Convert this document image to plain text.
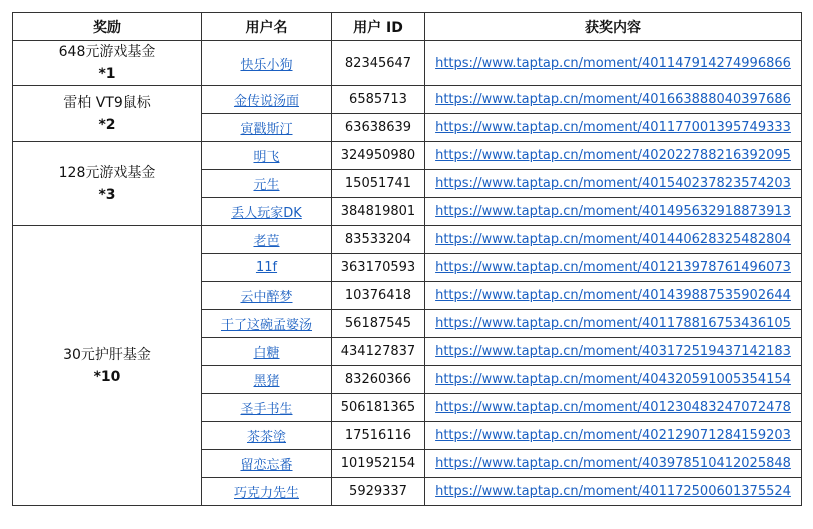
奖励	用户名	用户 ID	获奖内容

648元游戏基金
*1	快乐小狗	82345647	https://www.taptap.cn/moment/401147914274996866

雷柏 VT9鼠标
*2	金传说汤面	6585713	https://www.taptap.cn/moment/401663888040397686
	寅戳斯汀	63638639	https://www.taptap.cn/moment/401177001395749333

128元游戏基金
*3	明飞	324950980	https://www.taptap.cn/moment/402022788216392095
	元生	15051741	https://www.taptap.cn/moment/401540237823574203
	丢人玩家DK	384819801	https://www.taptap.cn/moment/401495632918873913

30元护肝基金
*10	老芭	83533204	https://www.taptap.cn/moment/401440628325482804
	11f	363170593	https://www.taptap.cn/moment/401213978761496073
	云中醉梦	10376418	https://www.taptap.cn/moment/401439887535902644
	干了这碗孟婆汤	56187545	https://www.taptap.cn/moment/401178816753436105
	白糖	434127837	https://www.taptap.cn/moment/403172519437142183
	黑猪	83260366	https://www.taptap.cn/moment/404320591005354154
	圣手书生	506181365	https://www.taptap.cn/moment/401230483247072478
	茶茶塗	17516116	https://www.taptap.cn/moment/402129071284159203
	留恋忘番	101952154	https://www.taptap.cn/moment/403978510412025848
	巧克力先生	5929337	https://www.taptap.cn/moment/401172500601375524
